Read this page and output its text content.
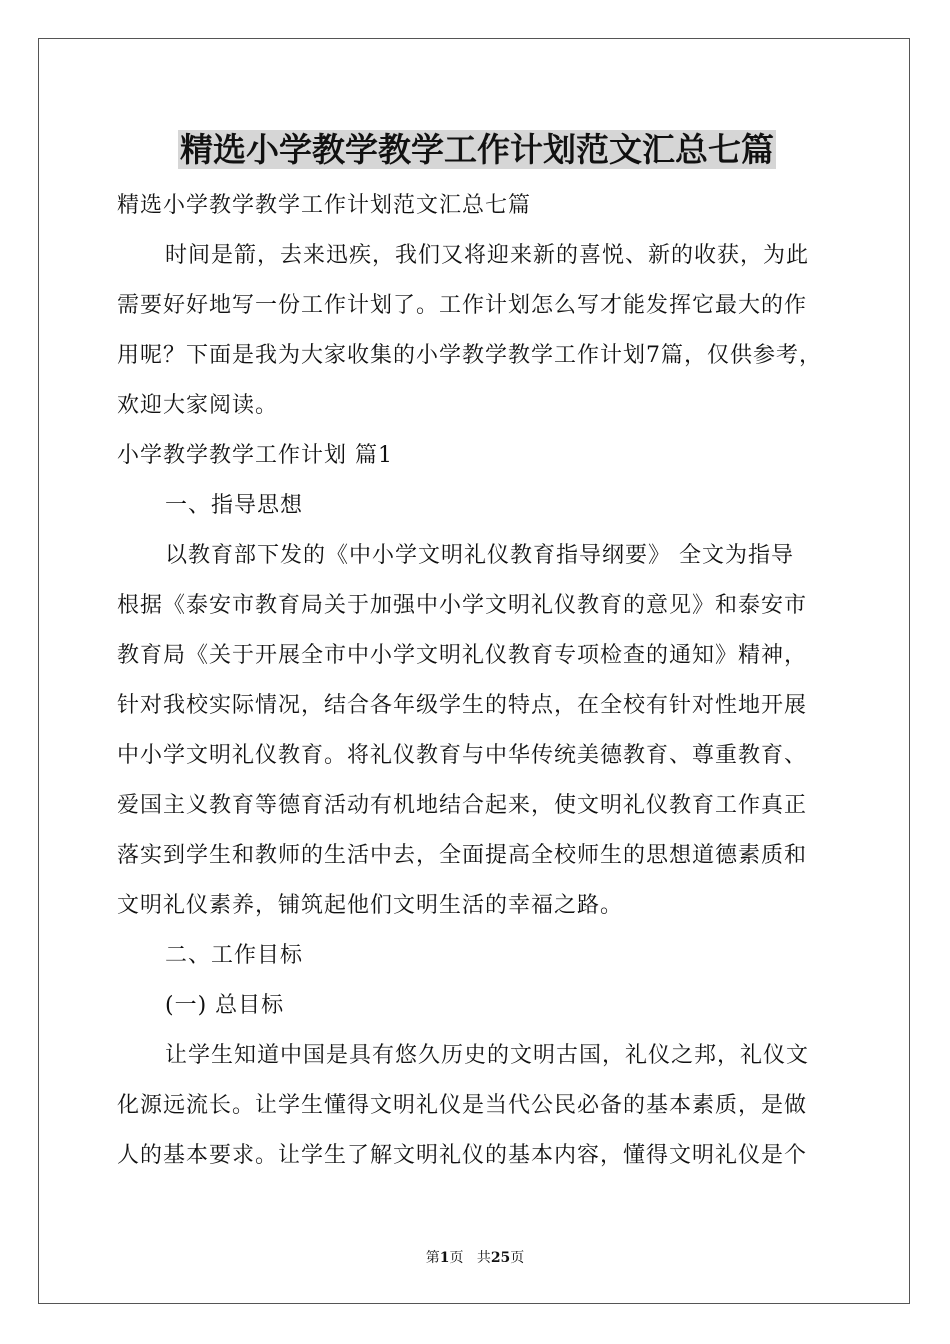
精选小学教学教学工作计划范文汇总七篇
精选小学教学教学工作计划范文汇总七篇
时间是箭，去来迅疾，我们又将迎来新的喜悦、新的收获，为此
需要好好地写一份工作计划了。工作计划怎么写才能发挥它最大的作
用呢？下面是我为大家收集的小学教学教学工作计划7篇，仅供参考，
欢迎大家阅读。
小学教学教学工作计划 篇1
一、指导思想
以教育部下发的《中小学文明礼仪教育指导纲要》 全文为指导
根据《泰安市教育局关于加强中小学文明礼仪教育的意见》和泰安市
教育局《关于开展全市中小学文明礼仪教育专项检查的通知》精神，
针对我校实际情况，结合各年级学生的特点，在全校有针对性地开展
中小学文明礼仪教育。将礼仪教育与中华传统美德教育、尊重教育、
爱国主义教育等德育活动有机地结合起来，使文明礼仪教育工作真正
落实到学生和教师的生活中去，全面提高全校师生的思想道德素质和
文明礼仪素养，铺筑起他们文明生活的幸福之路。
二、工作目标
(一) 总目标
让学生知道中国是具有悠久历史的文明古国，礼仪之邦，礼仪文
化源远流长。让学生懂得文明礼仪是当代公民必备的基本素质，是做
人的基本要求。让学生了解文明礼仪的基本内容，懂得文明礼仪是个
第1页 共25页
